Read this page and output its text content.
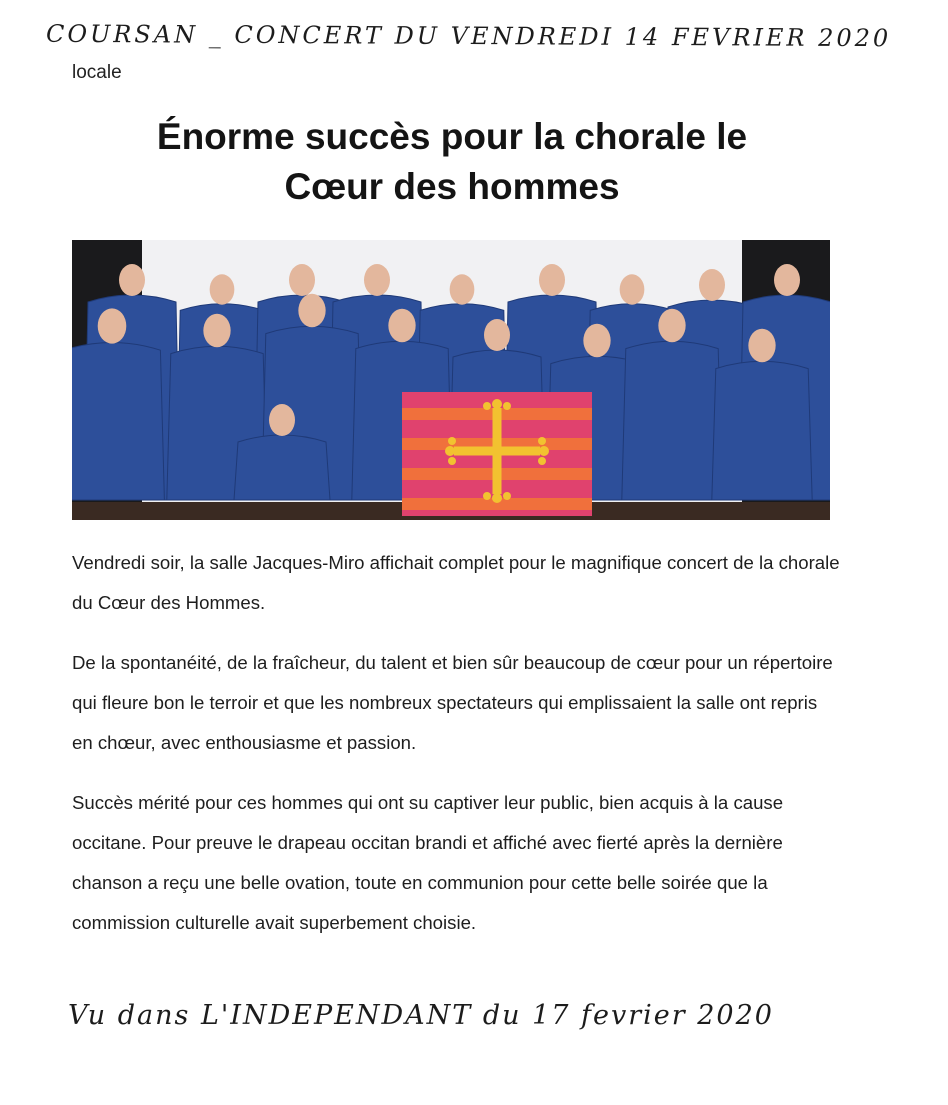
COURSAN _ CONCERT DU VENDREDI 14 FEVRIER 2020
locale
Énorme succès pour la chorale le
Cœur des hommes

Vendredi soir, la salle Jacques-Miro affichait complet pour le magnifique concert de la chorale du Cœur des Hommes.

De la spontanéité, de la fraîcheur, du talent et bien sûr beaucoup de cœur pour un répertoire qui fleure bon le terroir et que les nombreux spectateurs qui emplissaient la salle ont repris en chœur, avec enthousiasme et passion.

Succès mérité pour ces hommes qui ont su captiver leur public, bien acquis à la cause occitane. Pour preuve le drapeau occitan brandi et affiché avec fierté après la dernière chanson a reçu une belle ovation, toute en communion pour cette belle soirée que la commission culturelle avait superbement choisie.

Vu dans L'INDEPENDANT du 17 fevrier 2020
